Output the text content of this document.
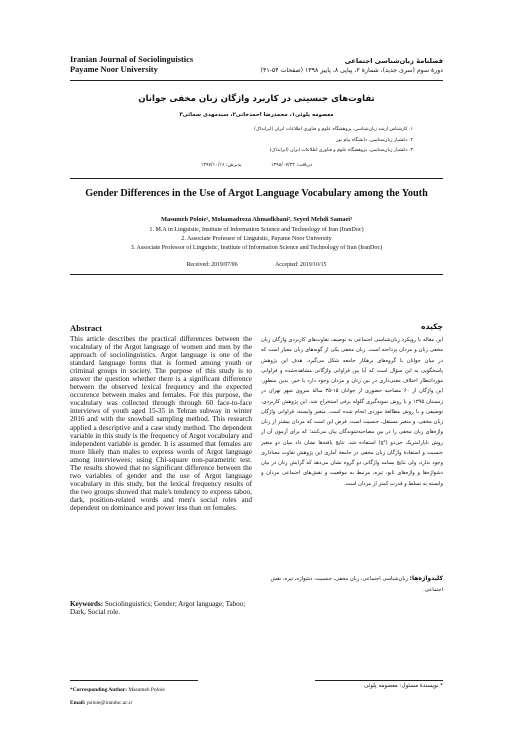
Iranian Journal of Sociolinguistics
Payame Noor University
فصلنامۀ زبان‌شناسی اجتماعی
دورۀ سوم (سری جدید)، شمارۀ ۲، پیاپی ۸، پاییز ۱۳۹۸ (صفحات ۵۴-۴۱)
تفاوت‌های جنسیتی در کاربرد واژگان زبان مخفی جوانان
معصومه پلوئی۱، محمدرضا احمدخانی۲، سیدمهدی سمائی۳
۱. کارشناس ارشد زبان‌شناسی، پژوهشگاه علوم و فناوری اطلاعات ایران (ایرانداک)
۲. دانشیار زبان‌شناسی، دانشگاه پیام نور
۳. دانشیار زبان‌شناسی، پژوهشگاه علوم و فناوری اطلاعات ایران (ایرانداک)
دریافت: ۱۳۹۸/۰۷/۲۳ پذیرش: ۱۳۹۷/۱۰/۱۶
Gender Differences in the Use of Argot Language Vocabulary among the Youth
Masumeh Poloie¹, Mohamadreza Ahmadkhani², Seyed Mehdi Samaei³
1. M.A in Linguistic, Institute of Information Science and Technology of Iran (IranDoc)
2. Associate Professor of Linguistic, Payame Noor University
3. Associate Professor of Linguistic, Institute of Information Science and Technology of Iran (IranDoc)
Received: 2019/07/06	Accepted: 2019/10/15
Abstract
This article describes the practical differences between the vocabulary of the Argot language of women and men by the approach of sociolinguistics. Argot language is one of the standard language forms that is formed among youth or criminal groups in society. The purpose of this study is to answer the question whether there is a significant difference between the observed lexical frequency and the expected occurence between males and females. For this purpose, the vocabulary was collected through through 60 face-to-face interviews of youth aged 15-35 in Tehran subway in winter 2016 and with the snowball sampling method. This research applied a descriptive and a case study method. The dependent variable in this study is the frequency of Argot vocabulary and independent variable is gender. It is assumed that females are more likely than males to express words of Argot language among interviewees; using Chi-square non-parametric test. The results showed that no significant difference between the two variables of gender and the use of Argot language vocabulary in this study, but the lexical frequency results of the two groups showed that male's tendency to express taboo, dark, position-related words and men's social roles and dependent on dominance and power less than on females.
Keywords: Sociolinguistics; Gender; Argot language; Taboo; Dark, Social role.
چکیده
این مقاله با رویکرد زبان‌شناسی اجتماعی به توصیف تفاوت‌های کاربردی واژگان زبان مخفی زنان و مردان پرداخته است. زبان مخفی یکی از گونه‌های زبان معیار است که در میان جوانان یا گروه‌های بزهکار جامعه شکل می‌گیرد. هدف این پژوهش پاسخگویی به این سؤال است که آیا بین فراوانی واژگانی مشاهده‌شده و فراوانی موردانتظار اختلاف معنی‌داری در بین زنان و مردان وجود دارد یا خیر. بدین منظور، این واژگان از ۶۰ مصاحبه حضوری از جوانان ۱۵-۳۵ سالۀ متروی شهر تهران در زمستان ۱۳۹۵ و با روش نمونه‌گیری گلوله برفی استخراج شد. این پژوهش کاربردی، توصیفی و با روش مطالعۀ موردی انجام شده است. متغیر وابسته، فراوانی واژگان زبان مخفی، و متغیر مستقل، جنسیت است. فرض این است که مردان بیشتر از زنان واژه‌های زبان مخفی را در بین مصاحبه‌شوندگان بیان می‌کنند؛ که برای آزمون آن از روش ناپارامتریک خی‌دو (χ²) استفاده شد. نتایج یافته‌ها نشان داد میان دو متغیر جنسیت و استفادۀ واژگان زبان مخفی در جامعۀ آماری این پژوهش تفاوت معناداری وجود ندارد، ولی نتایج بسامد واژگانی دو گروه نشان می‌دهد که گرایش زنان در بیان دشواژه‌ها و واژه‌های تابو، تیره، مرتبط به موقعیت و نقش‌های اجتماعی مردان و وابسته به تسلط و قدرت کمتر از مردان است.
کلیدواژه‌ها: زبان‌شناسی اجتماعی، زبان مخفی، جنسیت، دشواژه، تیره، نقش اجتماعی.
*Corresponding Author: Masumeh Poloie
Email: poloie@irandoc.ac.ir
* نویسندۀ مسئول: معصومه پلوئی
